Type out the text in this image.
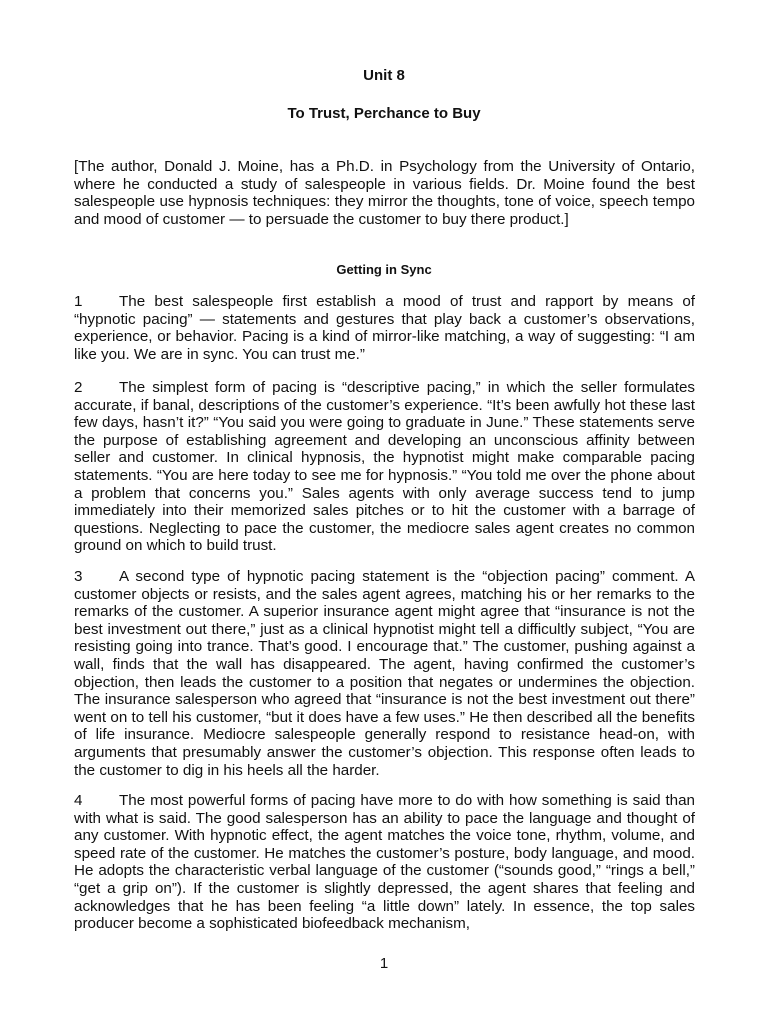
Unit 8
To Trust, Perchance to Buy

[The author, Donald J. Moine, has a Ph.D. in Psychology from the University of Ontario, where he conducted a study of salespeople in various fields. Dr. Moine found the best salespeople use hypnosis techniques: they mirror the thoughts, tone of voice, speech tempo and mood of customer — to persuade the customer to buy there product.]

Getting in Sync

1 The best salespeople first establish a mood of trust and rapport by means of “hypnotic pacing” — statements and gestures that play back a customer’s observations, experience, or behavior. Pacing is a kind of mirror-like matching, a way of suggesting: “I am like you. We are in sync. You can trust me.”

2 The simplest form of pacing is “descriptive pacing,” in which the seller formulates accurate, if banal, descriptions of the customer’s experience. “It’s been awfully hot these last few days, hasn’t it?” “You said you were going to graduate in June.” These statements serve the purpose of establishing agreement and developing an unconscious affinity between seller and customer. In clinical hypnosis, the hypnotist might make comparable pacing statements. “You are here today to see me for hypnosis.” “You told me over the phone about a problem that concerns you.” Sales agents with only average success tend to jump immediately into their memorized sales pitches or to hit the customer with a barrage of questions. Neglecting to pace the customer, the mediocre sales agent creates no common ground on which to build trust.

3 A second type of hypnotic pacing statement is the “objection pacing” comment. A customer objects or resists, and the sales agent agrees, matching his or her remarks to the remarks of the customer. A superior insurance agent might agree that “insurance is not the best investment out there,” just as a clinical hypnotist might tell a difficultly subject, “You are resisting going into trance. That’s good. I encourage that.” The customer, pushing against a wall, finds that the wall has disappeared. The agent, having confirmed the customer’s objection, then leads the customer to a position that negates or undermines the objection. The insurance salesperson who agreed that “insurance is not the best investment out there” went on to tell his customer, “but it does have a few uses.” He then described all the benefits of life insurance. Mediocre salespeople generally respond to resistance head-on, with arguments that presumably answer the customer’s objection. This response often leads to the customer to dig in his heels all the harder.

4 The most powerful forms of pacing have more to do with how something is said than with what is said. The good salesperson has an ability to pace the language and thought of any customer. With hypnotic effect, the agent matches the voice tone, rhythm, volume, and speed rate of the customer. He matches the customer’s posture, body language, and mood. He adopts the characteristic verbal language of the customer (“sounds good,” “rings a bell,” “get a grip on”). If the customer is slightly depressed, the agent shares that feeling and acknowledges that he has been feeling “a little down” lately. In essence, the top sales producer become a sophisticated biofeedback mechanism,

1
